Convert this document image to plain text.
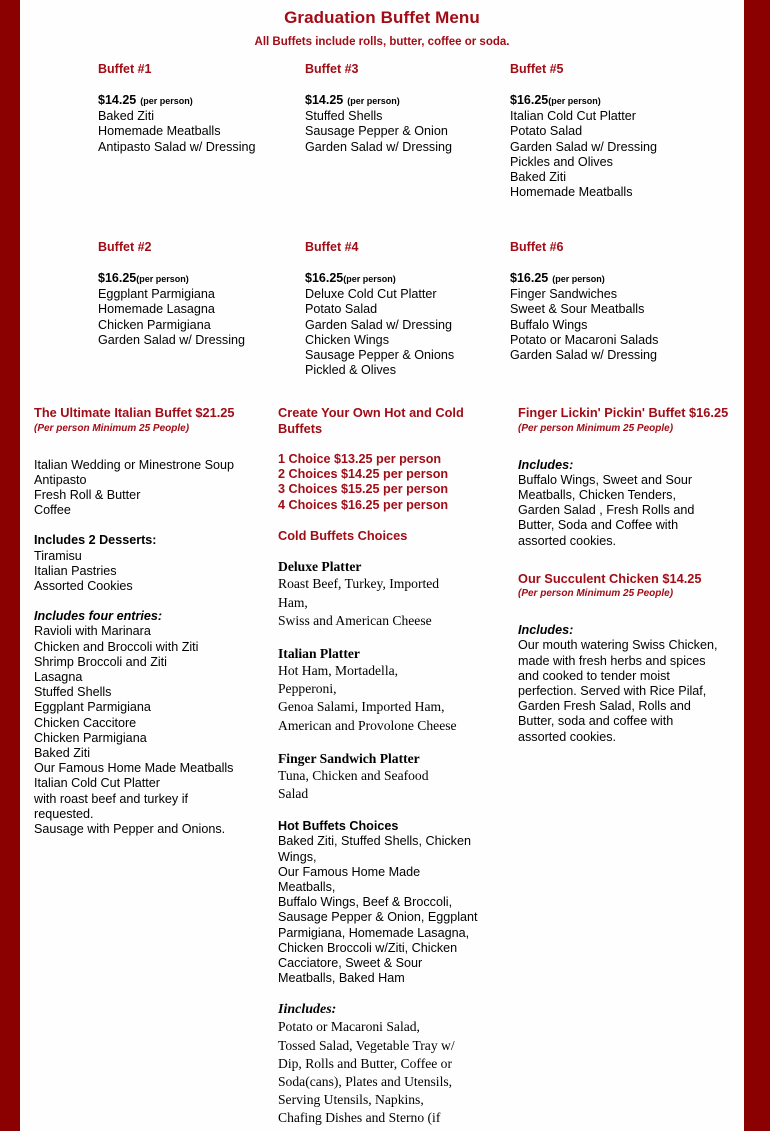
Graduation Buffet Menu

All Buffets include rolls, butter, coffee or soda.

Buffet #1
$14.25 (per person)
Baked Ziti
Homemade Meatballs
Antipasto Salad w/ Dressing
Buffet #3
$14.25 (per person)
Stuffed Shells
Sausage Pepper & Onion
Garden Salad w/ Dressing
Buffet #5
$16.25(per person)
Italian Cold Cut Platter
Potato Salad
Garden Salad w/ Dressing
Pickles and Olives
Baked Ziti
Homemade Meatballs
Buffet #2
$16.25(per person)
Eggplant Parmigiana
Homemade Lasagna
Chicken Parmigiana
Garden Salad w/ Dressing
Buffet #4
$16.25(per person)
Deluxe Cold Cut Platter
Potato Salad
Garden Salad w/ Dressing
Chicken Wings
Sausage Pepper & Onions
Pickled & Olives
Buffet #6
$16.25 (per person)
Finger Sandwiches
Sweet & Sour Meatballs
Buffalo Wings
Potato or Macaroni Salads
Garden Salad w/ Dressing
The Ultimate Italian Buffet $21.25
(Per person Minimum 25 People)
Italian Wedding or Minestrone Soup
Antipasto
Fresh Roll & Butter
Coffee
Includes 2 Desserts:
Tiramisu
Italian Pastries
Assorted Cookies
Includes four entries:
Ravioli with Marinara
Chicken and Broccoli with Ziti
Shrimp Broccoli and Ziti
Lasagna
Stuffed Shells
Eggplant Parmigiana
Chicken Caccitore
Chicken Parmigiana
Baked Ziti
Our Famous Home Made Meatballs
Italian Cold Cut Platter
with roast beef and turkey if
requested.
Sausage with Pepper and Onions.
Create Your Own Hot and Cold Buffets
1 Choice $13.25 per person
2 Choices $14.25 per person
3 Choices $15.25 per person
4 Choices $16.25 per person
Cold Buffets Choices
Deluxe Platter
Roast Beef, Turkey, Imported
Ham,
Swiss and American Cheese
Italian Platter
Hot Ham, Mortadella,
Pepperoni,
Genoa Salami, Imported Ham,
American and Provolone Cheese
Finger Sandwich Platter
Tuna, Chicken and Seafood
Salad
Hot Buffets Choices
Baked Ziti, Stuffed Shells, Chicken
Wings,
Our Famous Home Made
Meatballs,
Buffalo Wings, Beef & Broccoli,
Sausage Pepper & Onion, Eggplant
Parmigiana, Homemade Lasagna,
Chicken Broccoli w/Ziti, Chicken
Cacciatore, Sweet & Sour
Meatballs, Baked Ham
Iincludes:
Potato or Macaroni Salad,
Tossed Salad, Vegetable Tray w/
Dip, Rolls and Butter, Coffee or
Soda(cans), Plates and Utensils,
Serving Utensils, Napkins,
Chafing Dishes and Sterno (if
Finger Lickin' Pickin' Buffet $16.25
(Per person Minimum 25 People)
Includes:
Buffalo Wings, Sweet and Sour
Meatballs, Chicken Tenders,
Garden Salad , Fresh Rolls and
Butter, Soda and Coffee with
assorted cookies.
Our Succulent Chicken $14.25
(Per person Minimum 25 People)
Includes:
Our mouth watering Swiss Chicken,
made with fresh herbs and spices
and cooked to tender moist
perfection. Served with Rice Pilaf,
Garden Fresh Salad, Rolls and
Butter, soda and coffee with
assorted cookies.
